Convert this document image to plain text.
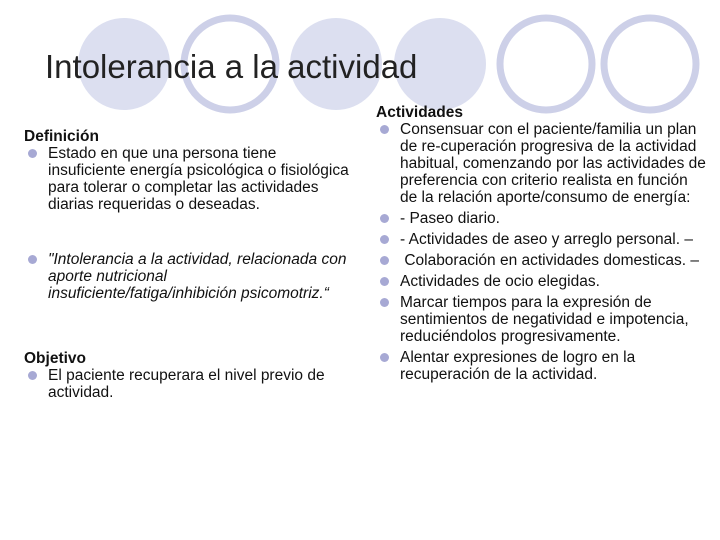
Intolerancia a la actividad
Definición
Estado en que una persona tiene insuficiente energía psicológica o fisiológica para tolerar o completar las actividades diarias requeridas o deseadas.
"Intolerancia a la actividad, relacionada con aporte nutricional insuficiente/fatiga/inhibición psicomotriz.“
Objetivo
El paciente recuperara el nivel previo de actividad.
Actividades
Consensuar con el paciente/familia un plan de re-cuperación progresiva de la actividad habitual, comenzando por las actividades de preferencia con criterio realista en función de la relación aporte/consumo de energía:
- Paseo diario.
- Actividades de aseo y arreglo personal. –
Colaboración en actividades domesticas. –
Actividades de ocio elegidas.
Marcar tiempos para la expresión de sentimientos de negatividad e impotencia, reduciéndolos progresivamente.
Alentar expresiones de logro en la recuperación de la actividad.
